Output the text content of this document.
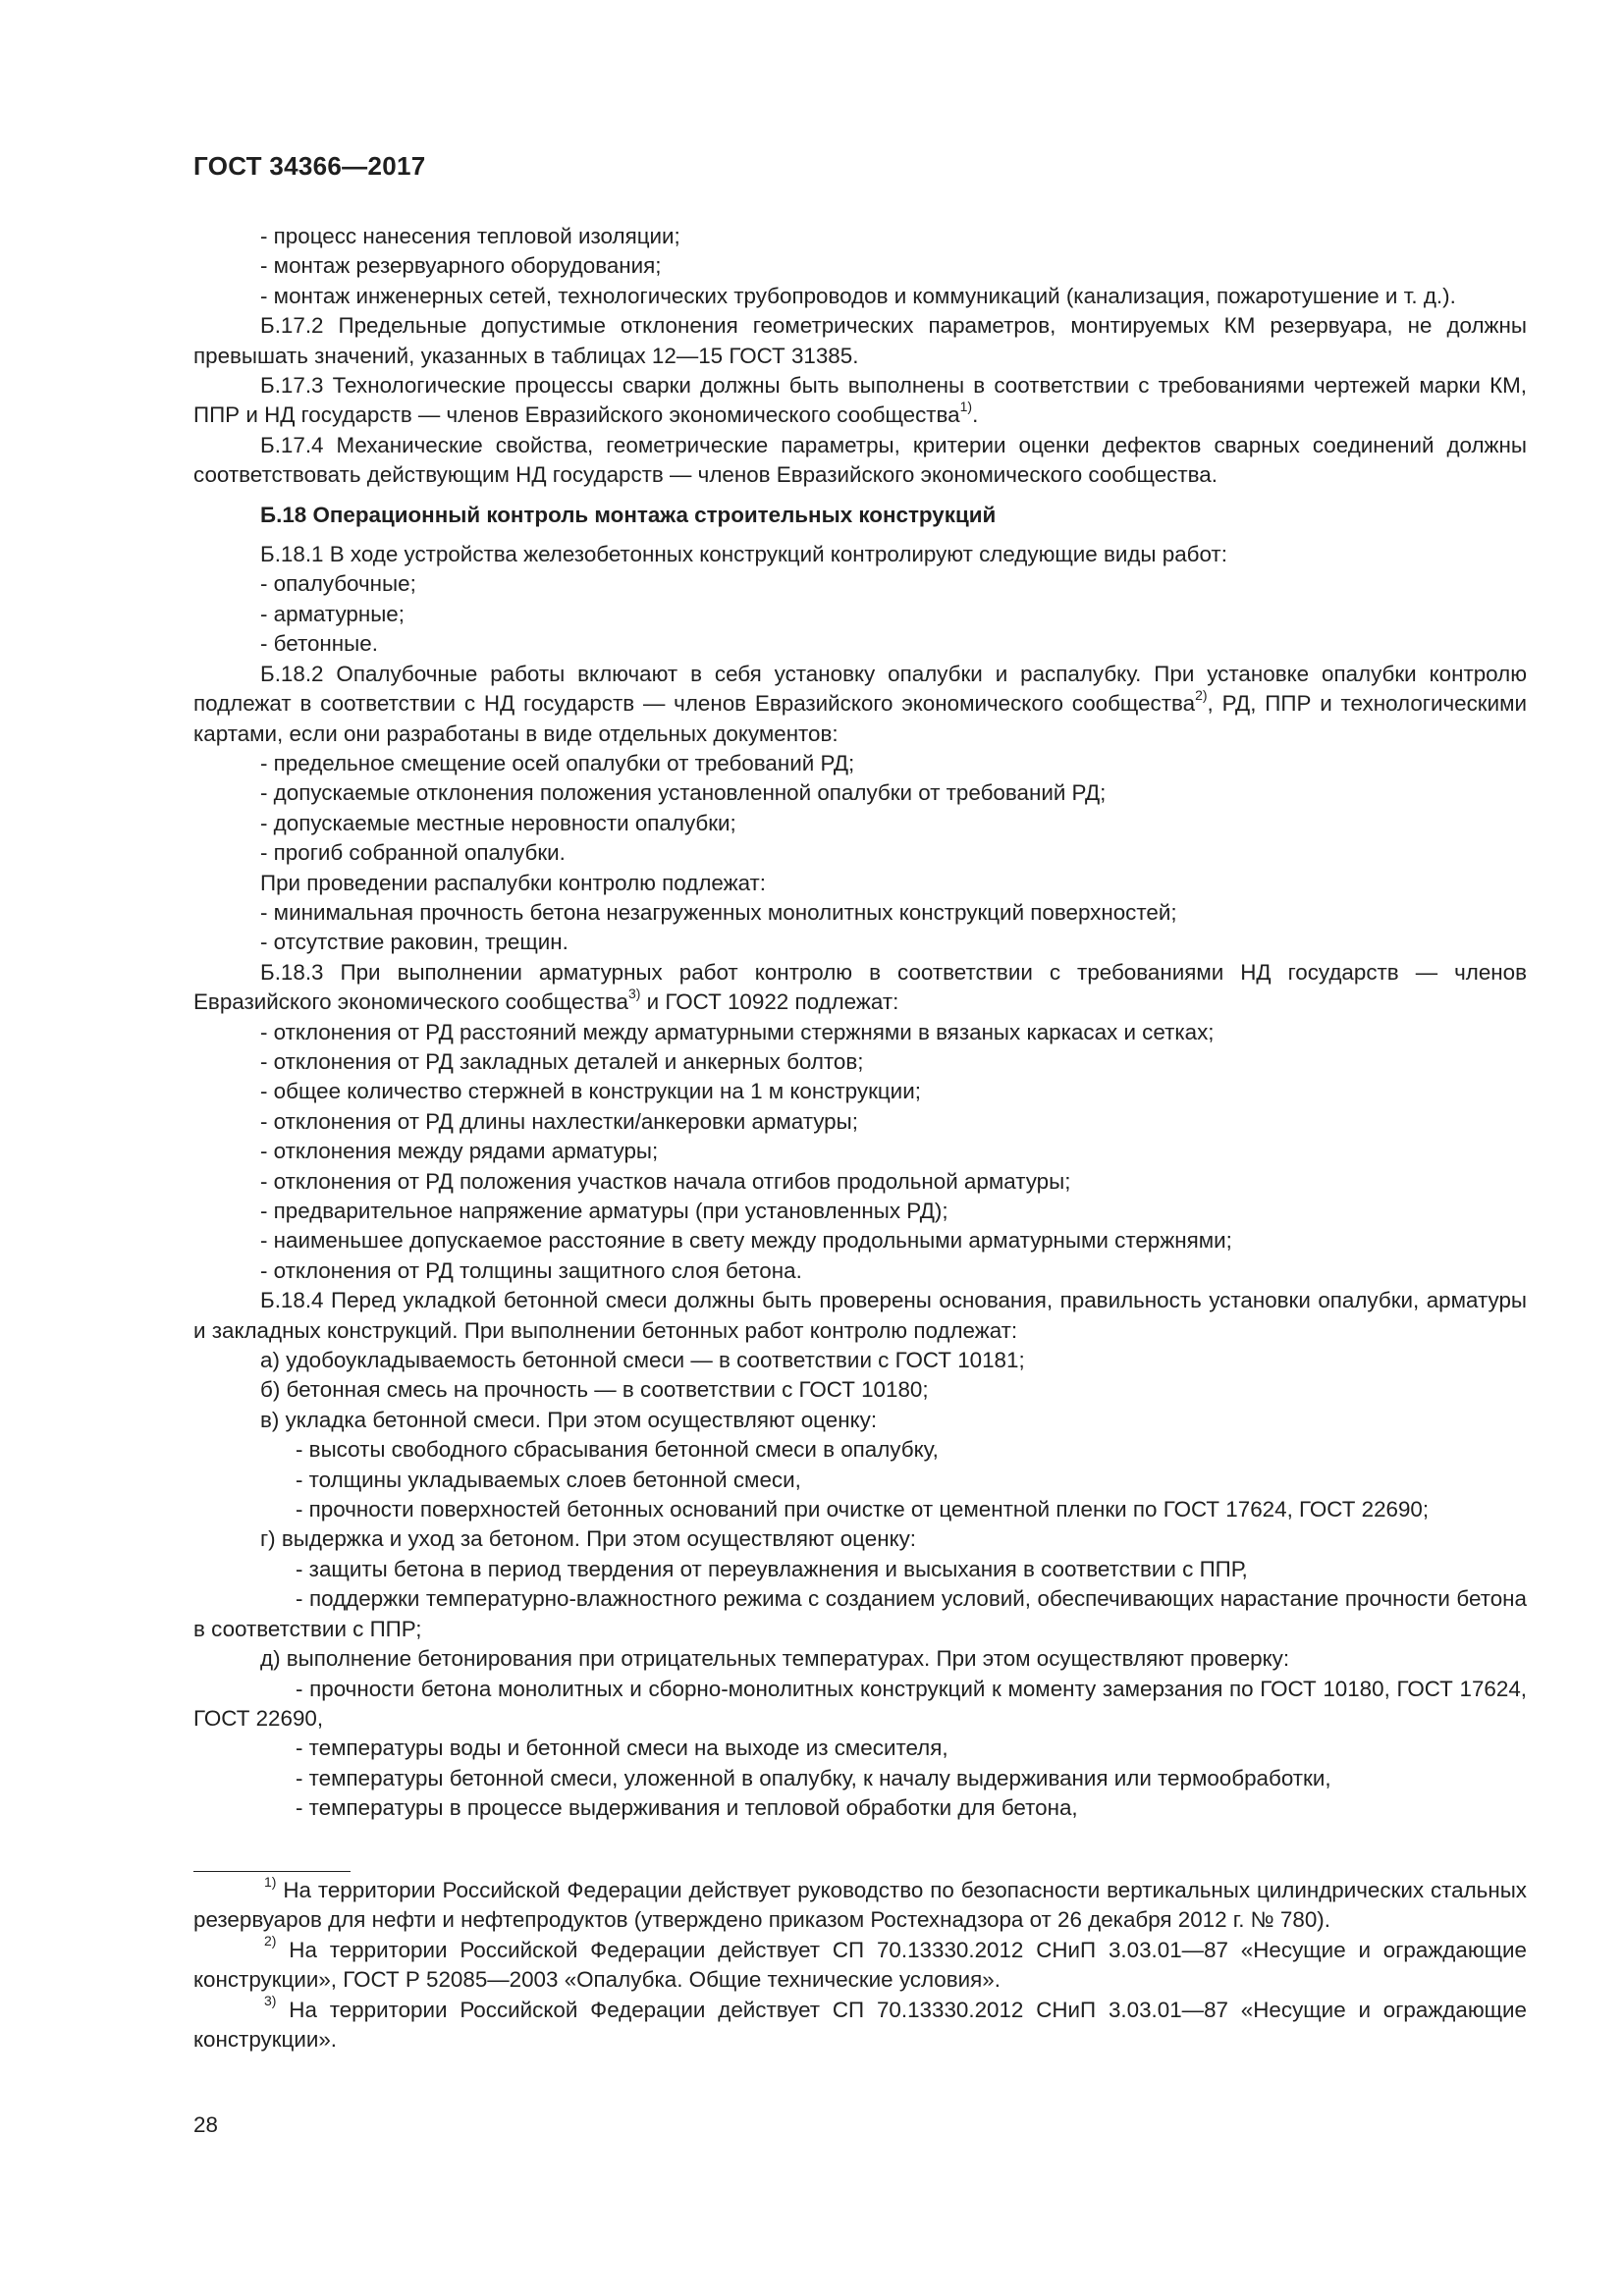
ГОСТ 34366—2017

- процесс нанесения тепловой изоляции;

- монтаж резервуарного оборудования;

- монтаж инженерных сетей, технологических трубопроводов и коммуникаций (канализация, пожаротушение и т. д.).

Б.17.2 Предельные допустимые отклонения геометрических параметров, монтируемых КМ резервуара, не должны превышать значений, указанных в таблицах 12—15 ГОСТ 31385.

Б.17.3 Технологические процессы сварки должны быть выполнены в соответствии с требованиями чертежей марки КМ, ППР и НД государств — членов Евразийского экономического сообщества$^{1)}$.

Б.17.4 Механические свойства, геометрические параметры, критерии оценки дефектов сварных соединений должны соответствовать действующим НД государств — членов Евразийского экономического сообщества.

Б.18 Операционный контроль монтажа строительных конструкций

Б.18.1 В ходе устройства железобетонных конструкций контролируют следующие виды работ:

- опалубочные;

- арматурные;

- бетонные.

Б.18.2 Опалубочные работы включают в себя установку опалубки и распалубку. При установке опалубки контролю подлежат в соответствии с НД государств — членов Евразийского экономического сообщества$^{2)}$, РД, ППР и технологическими картами, если они разработаны в виде отдельных документов:

- предельное смещение осей опалубки от требований РД;

- допускаемые отклонения положения установленной опалубки от требований РД;

- допускаемые местные неровности опалубки;

- прогиб собранной опалубки.

При проведении распалубки контролю подлежат:

- минимальная прочность бетона незагруженных монолитных конструкций поверхностей;

- отсутствие раковин, трещин.

Б.18.3 При выполнении арматурных работ контролю в соответствии с требованиями НД государств — членов Евразийского экономического сообщества$^{3)}$ и ГОСТ 10922 подлежат:

- отклонения от РД расстояний между арматурными стержнями в вязаных каркасах и сетках;

- отклонения от РД закладных деталей и анкерных болтов;

- общее количество стержней в конструкции на 1 м конструкции;

- отклонения от РД длины нахлестки/анкеровки арматуры;

- отклонения между рядами арматуры;

- отклонения от РД положения участков начала отгибов продольной арматуры;

- предварительное напряжение арматуры (при установленных РД);

- наименьшее допускаемое расстояние в свету между продольными арматурными стержнями;

- отклонения от РД толщины защитного слоя бетона.

Б.18.4 Перед укладкой бетонной смеси должны быть проверены основания, правильность установки опалубки, арматуры и закладных конструкций. При выполнении бетонных работ контролю подлежат:

а) удобоукладываемость бетонной смеси — в соответствии с ГОСТ 10181;

б) бетонная смесь на прочность — в соответствии с ГОСТ 10180;

в) укладка бетонной смеси. При этом осуществляют оценку:

- высоты свободного сбрасывания бетонной смеси в опалубку,

- толщины укладываемых слоев бетонной смеси,

- прочности поверхностей бетонных оснований при очистке от цементной пленки по ГОСТ 17624, ГОСТ 22690;

г) выдержка и уход за бетоном. При этом осуществляют оценку:

- защиты бетона в период твердения от переувлажнения и высыхания в соответствии с ППР,

- поддержки температурно-влажностного режима с созданием условий, обеспечивающих нарастание прочности бетона в соответствии с ППР;

д) выполнение бетонирования при отрицательных температурах. При этом осуществляют проверку:

- прочности бетона монолитных и сборно-монолитных конструкций к моменту замерзания по ГОСТ 10180, ГОСТ 17624, ГОСТ 22690,

- температуры воды и бетонной смеси на выходе из смесителя,

- температуры бетонной смеси, уложенной в опалубку, к началу выдерживания или термообработки,

- температуры в процессе выдерживания и тепловой обработки для бетона,

$^{1)}$ На территории Российской Федерации действует руководство по безопасности вертикальных цилиндрических стальных резервуаров для нефти и нефтепродуктов (утверждено приказом Ростехнадзора от 26 декабря 2012 г. № 780).

$^{2)}$ На территории Российской Федерации действует СП 70.13330.2012 СНиП 3.03.01—87 «Несущие и ограждающие конструкции», ГОСТ Р 52085—2003 «Опалубка. Общие технические условия».

$^{3)}$ На территории Российской Федерации действует СП 70.13330.2012 СНиП 3.03.01—87 «Несущие и ограждающие конструкции».

28
